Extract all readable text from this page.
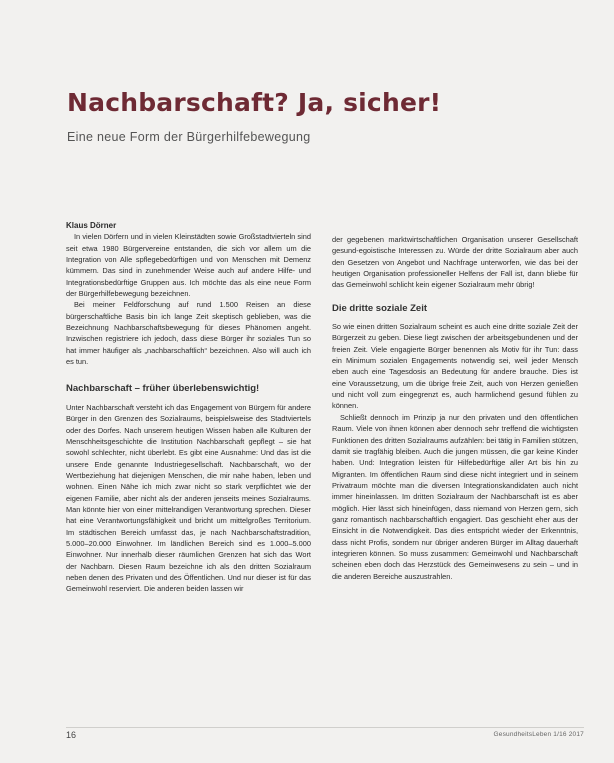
Nachbarschaft? Ja, sicher!

Eine neue Form der Bürgerhilfebewegung

Klaus Dörner

In vielen Dörfern und in vielen Kleinstädten sowie Großstadtvierteln sind seit etwa 1980 Bürgervereine entstanden, die sich vor allem um die Integration von Alle spflegebedürftigen und von Menschen mit Demenz kümmern. Das sind in zunehmender Weise auch auf andere Hilfe- und Integrationsbedürftige Gruppen aus. Ich möchte das als eine neue Form der Bürgerhilfebewegung bezeichnen.

Bei meiner Feldforschung auf rund 1.500 Reisen an diese bürgerschaftliche Basis bin ich lange Zeit skeptisch geblieben, was die Bezeichnung Nachbarschaftsbewegung für dieses Phänomen angeht. Inzwischen registriere ich jedoch, dass diese Bürger ihr soziales Tun so hat immer häufiger als „nachbarschaftlich“ bezeichnen. Also will auch ich es tun.

Nachbarschaft – früher überlebenswichtig!

Unter Nachbarschaft versteht ich das Engagement von Bürgern für andere Bürger in den Grenzen des Sozialraums, beispielsweise des Stadtviertels oder des Dorfes. Nach unserem heutigen Wissen haben alle Kulturen der Menschheitsgeschichte die Institution Nachbarschaft gepflegt – sie hat sowohl schlechter, nicht überlebt. Es gibt eine Ausnahme: Und das ist die unsere Ende genannte Industriegesellschaft. Nachbarschaft, wo der Wertbeziehung hat diejenigen Menschen, die mir nahe haben, leben und wohnen. Einen Nähe ich mich zwar nicht so stark verpflichtet wie der eigenen Familie, aber nicht als der anderen jenseits meines Sozialraums. Man könnte hier von einer mittelrandigen Verantwortung sprechen. Dieser hat eine Verantwortungsfähigkeit und bricht um mittelgroßes Territorium. Im städtischen Bereich umfasst das, je nach Nachbarschaftstradition, 5.000–20.000 Einwohner. Im ländlichen Bereich sind es 1.000–5.000 Einwohner. Nur innerhalb dieser räumlichen Grenzen hat sich das Wort der Nachbarn. Diesen Raum bezeichne ich als den dritten Sozialraum neben denen des Privaten und des Öffentlichen. Und nur dieser ist für das Gemeinwohl reserviert. Die anderen beiden lassen wir

der gegebenen marktwirtschaftlichen Organisation unserer Gesellschaft gesund-egoistische Interessen zu. Würde der dritte Sozialraum aber auch den Gesetzen von Angebot und Nachfrage unterworfen, wie das bei der heutigen Organisation professioneller Helfens der Fall ist, dann bliebe für das Gemeinwohl schlicht kein eigener Sozialraum mehr übrig!

Die dritte soziale Zeit

So wie einen dritten Sozialraum scheint es auch eine dritte soziale Zeit der Bürgerzeit zu geben. Diese liegt zwischen der arbeitsgebundenen und der freien Zeit. Viele engagierte Bürger benennen als Motiv für ihr Tun: dass ein Minimum sozialen Engagements notwendig sei, weil jeder Mensch eben auch eine Tagesdosis an Bedeutung für andere brauche. Dies ist eine Voraussetzung, um die übrige freie Zeit, auch von Herzen genießen und nicht voll zum eingegrenzt es, auch harmlichend gesund fühlen zu können.

Schließt dennoch im Prinzip ja nur den privaten und den öffentlichen Raum. Viele von ihnen können aber dennoch sehr treffend die wichtigsten Funktionen des dritten Sozialraums aufzählen: bei tätig in Familien stützen, damit sie tragfähig bleiben. Auch die jungen müssen, die gar keine Kinder haben. Und: Integration leisten für Hilfebedürftige aller Art bis hin zu Migranten. Im öffentlichen Raum sind diese nicht integriert und in seinem Privatraum möchte man die diversen Integrationskandidaten auch nicht immer hineinlassen. Im dritten Sozialraum der Nachbarschaft ist es aber möglich. Hier lässt sich hineinfügen, dass niemand von Herzen gern, sich ganz romantisch nachbarschaftlich engagiert. Das geschieht eher aus der Einsicht in die Notwendigkeit. Das dies entspricht wieder der Erkenntnis, dass nicht Profis, sondern nur übriger anderen Bürger im Alltag dauerhaft integrieren können. So muss zusammen: Gemeinwohl und Nachbarschaft scheinen eben doch das Herzstück des Gemeinwesens zu sein – und in die anderen Bereiche auszustrahlen.

16	GesundheitsLeben 1/16 2017
